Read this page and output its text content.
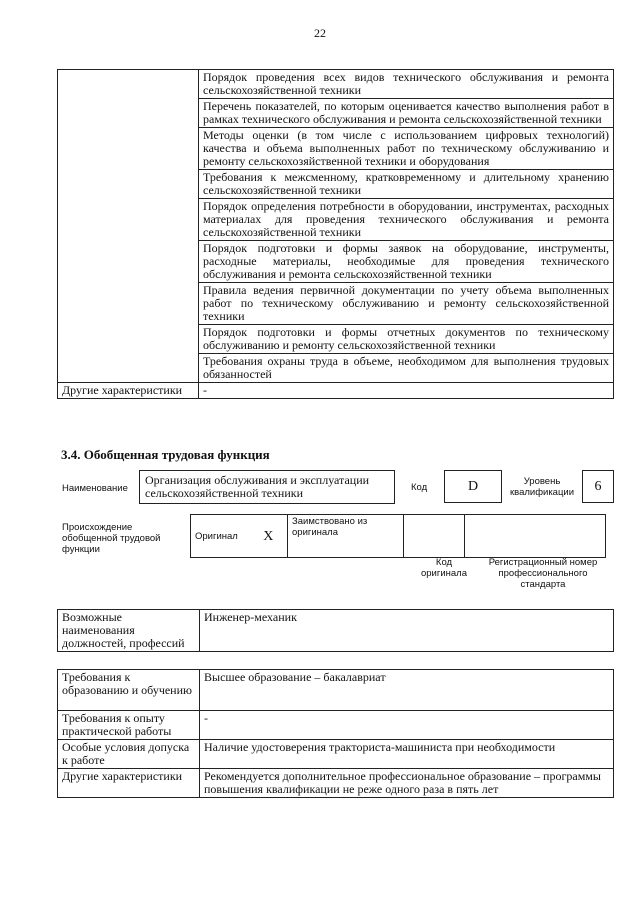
22
	Порядок проведения всех видов технического обслуживания и ремонта сельскохозяйственной техники
	Перечень показателей, по которым оценивается качество выполнения работ в рамках технического обслуживания и ремонта сельскохозяйственной техники
	Методы оценки (в том числе с использованием цифровых технологий) качества и объема выполненных работ по техническому обслуживанию и ремонту сельскохозяйственной техники и оборудования
	Требования к межсменному, кратковременному и длительному хранению сельскохозяйственной техники
	Порядок определения потребности в оборудовании, инструментах, расходных материалах для проведения технического обслуживания и ремонта сельскохозяйственной техники
	Порядок подготовки и формы заявок на оборудование, инструменты, расходные материалы, необходимые для проведения технического обслуживания и ремонта сельскохозяйственной техники
	Правила ведения первичной документации по учету объема выполненных работ по техническому обслуживанию и ремонту сельскохозяйственной техники
	Порядок подготовки и формы отчетных документов по техническому обслуживанию и ремонту сельскохозяйственной техники
	Требования охраны труда в объеме, необходимом для выполнения трудовых обязанностей
Другие характеристики	-
3.4. Обобщенная трудовая функция
Наименование
Организация обслуживания и эксплуатации сельскохозяйственной техники	Код	D	Уровень квалификации	6
Происхождение обобщенной трудовой функции
Оригинал	X	Заимствовано из оригинала		
Код оригинала
Регистрационный номер профессионального стандарта
Возможные наименования должностей, профессий	Инженер-механик
Требования к образованию и обучению	Высшее образование – бакалавриат
Требования к опыту практической работы	-
Особые условия допуска к работе	Наличие удостоверения тракториста-машиниста при необходимости
Другие характеристики	Рекомендуется дополнительное профессиональное образование – программы повышения квалификации не реже одного раза в пять лет
